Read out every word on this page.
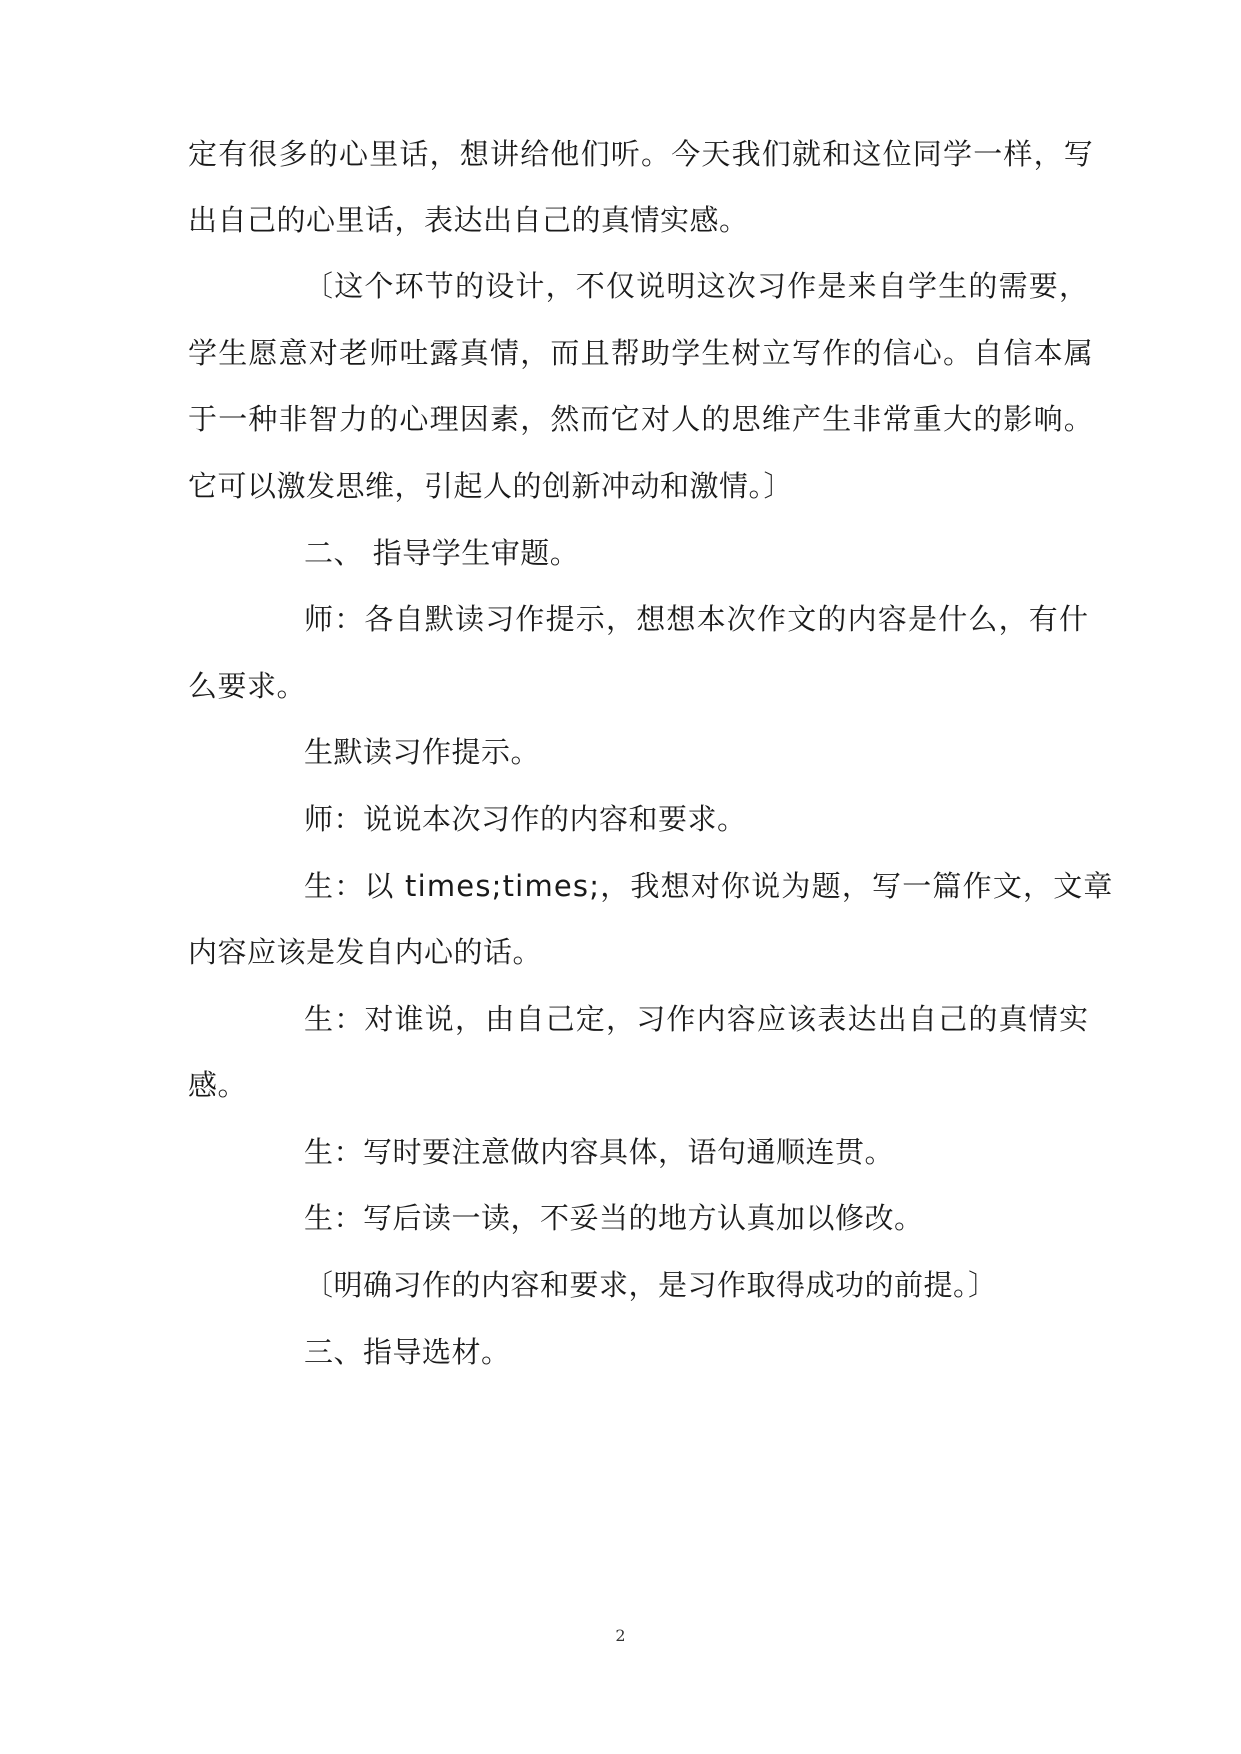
定有很多的心里话，想讲给他们听。今天我们就和这位同学一样，写
出自己的心里话，表达出自己的真情实感。
〔这个环节的设计，不仅说明这次习作是来自学生的需要，
学生愿意对老师吐露真情，而且帮助学生树立写作的信心。自信本属
于一种非智力的心理因素，然而它对人的思维产生非常重大的影响。
它可以激发思维，引起人的创新冲动和激情。〕
二、 指导学生审题。
师：各自默读习作提示，想想本次作文的内容是什么，有什
么要求。
生默读习作提示。
师：说说本次习作的内容和要求。
生：以 times;times;，我想对你说为题，写一篇作文，文章
内容应该是发自内心的话。
生：对谁说，由自己定，习作内容应该表达出自己的真情实
感。
生：写时要注意做内容具体，语句通顺连贯。
生：写后读一读，不妥当的地方认真加以修改。
〔明确习作的内容和要求，是习作取得成功的前提。〕
三、指导选材。
2
